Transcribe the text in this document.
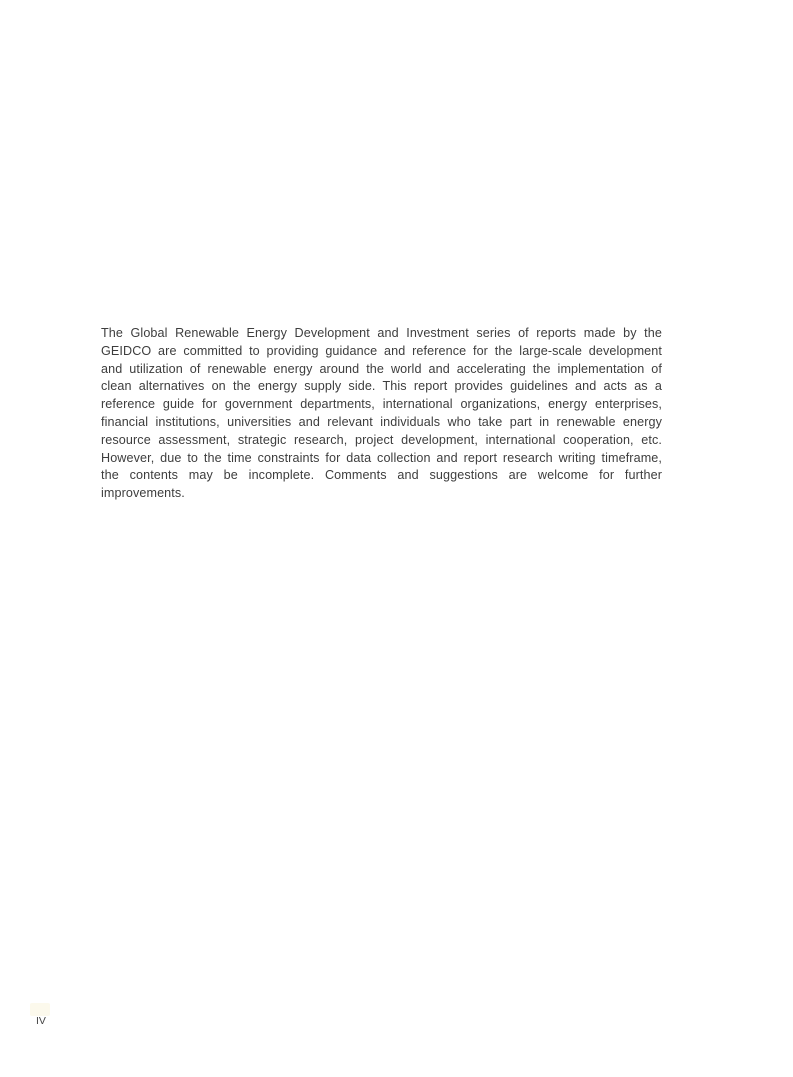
The Global Renewable Energy Development and Investment series of reports made by the
GEIDCO are committed to providing guidance and reference for the large-scale development
and utilization of renewable energy around the world and accelerating the implementation of
clean alternatives on the energy supply side. This report provides guidelines and acts as a
reference guide for government departments, international organizations, energy enterprises,
financial institutions, universities and relevant individuals who take part in renewable energy
resource assessment, strategic research, project development, international cooperation, etc.
However, due to the time constraints for data collection and report research writing timeframe,
the contents may be incomplete. Comments and suggestions are welcome for further
improvements.
IV
